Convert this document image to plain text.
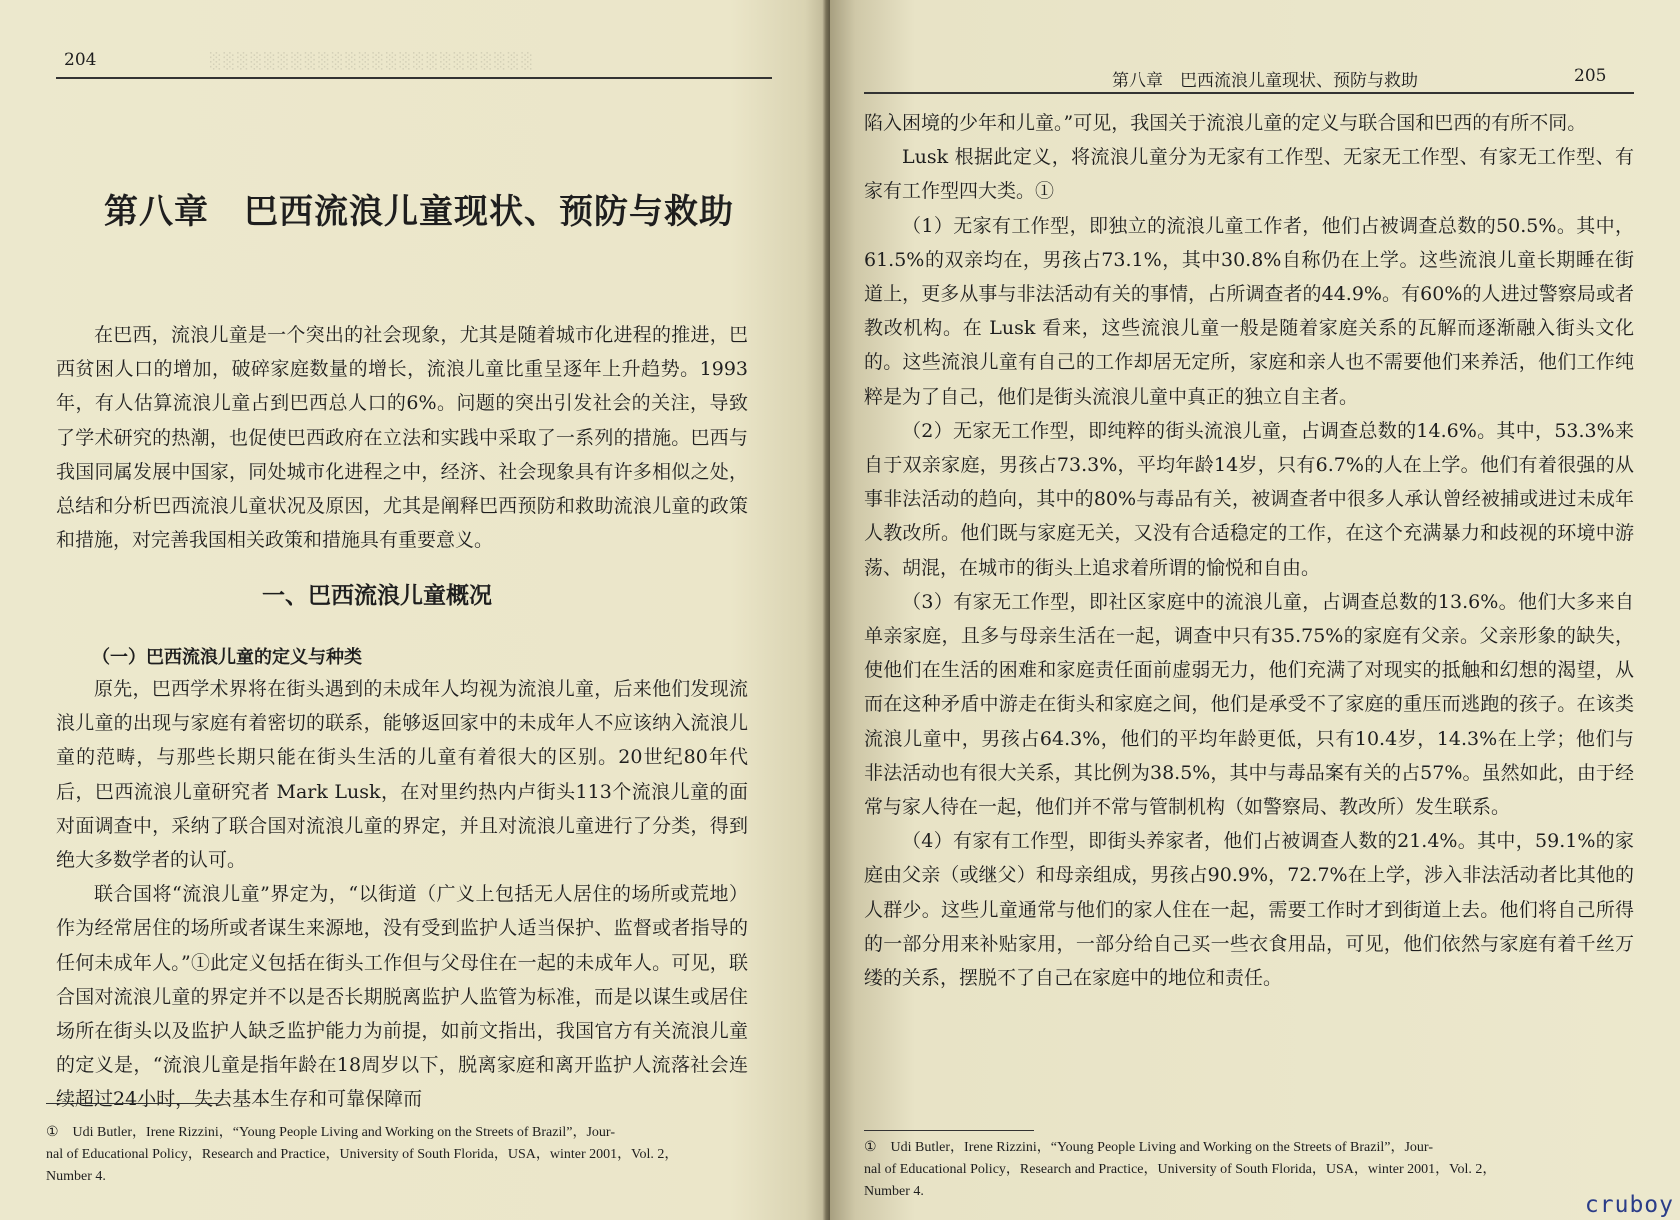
204	░░░░░░░░░░░░░░░░░░░░░░░░
第八章　巴西流浪儿童现状、预防与救助

在巴西，流浪儿童是一个突出的社会现象，尤其是随着城市化进程的推进，巴西贫困人口的增加，破碎家庭数量的增长，流浪儿童比重呈逐年上升趋势。1993年，有人估算流浪儿童占到巴西总人口的6%。问题的突出引发社会的关注，导致了学术研究的热潮，也促使巴西政府在立法和实践中采取了一系列的措施。巴西与我国同属发展中国家，同处城市化进程之中，经济、社会现象具有许多相似之处，总结和分析巴西流浪儿童状况及原因，尤其是阐释巴西预防和救助流浪儿童的政策和措施，对完善我国相关政策和措施具有重要意义。

一、巴西流浪儿童概况
（一）巴西流浪儿童的定义与种类

原先，巴西学术界将在街头遇到的未成年人均视为流浪儿童，后来他们发现流浪儿童的出现与家庭有着密切的联系，能够返回家中的未成年人不应该纳入流浪儿童的范畴，与那些长期只能在街头生活的儿童有着很大的区别。20世纪80年代后，巴西流浪儿童研究者 Mark Lusk，在对里约热内卢街头113个流浪儿童的面对面调查中，采纳了联合国对流浪儿童的界定，并且对流浪儿童进行了分类，得到绝大多数学者的认可。

联合国将“流浪儿童”界定为，“以街道（广义上包括无人居住的场所或荒地）作为经常居住的场所或者谋生来源地，没有受到监护人适当保护、监督或者指导的任何未成年人。”①此定义包括在街头工作但与父母住在一起的未成年人。可见，联合国对流浪儿童的界定并不以是否长期脱离监护人监管为标准，而是以谋生或居住场所在街头以及监护人缺乏监护能力为前提，如前文指出，我国官方有关流浪儿童的定义是，“流浪儿童是指年龄在18周岁以下，脱离家庭和离开监护人流落社会连续超过24小时，失去基本生存和可靠保障而

①　Udi Butler，Irene Rizzini，“Young People Living and Working on the Streets of Brazil”，Jour-
nal of Educational Policy，Research and Practice，University of South Florida，USA，winter 2001，Vol. 2，
Number 4.
第八章　巴西流浪儿童现状、预防与救助	205

陷入困境的少年和儿童。”可见，我国关于流浪儿童的定义与联合国和巴西的有所不同。

Lusk 根据此定义，将流浪儿童分为无家有工作型、无家无工作型、有家无工作型、有家有工作型四大类。①

（1）无家有工作型，即独立的流浪儿童工作者，他们占被调查总数的50.5%。其中，61.5%的双亲均在，男孩占73.1%，其中30.8%自称仍在上学。这些流浪儿童长期睡在街道上，更多从事与非法活动有关的事情，占所调查者的44.9%。有60%的人进过警察局或者教改机构。在 Lusk 看来，这些流浪儿童一般是随着家庭关系的瓦解而逐渐融入街头文化的。这些流浪儿童有自己的工作却居无定所，家庭和亲人也不需要他们来养活，他们工作纯粹是为了自己，他们是街头流浪儿童中真正的独立自主者。

（2）无家无工作型，即纯粹的街头流浪儿童，占调查总数的14.6%。其中，53.3%来自于双亲家庭，男孩占73.3%，平均年龄14岁，只有6.7%的人在上学。他们有着很强的从事非法活动的趋向，其中的80%与毒品有关，被调查者中很多人承认曾经被捕或进过未成年人教改所。他们既与家庭无关，又没有合适稳定的工作，在这个充满暴力和歧视的环境中游荡、胡混，在城市的街头上追求着所谓的愉悦和自由。

（3）有家无工作型，即社区家庭中的流浪儿童，占调查总数的13.6%。他们大多来自单亲家庭，且多与母亲生活在一起，调查中只有35.75%的家庭有父亲。父亲形象的缺失，使他们在生活的困难和家庭责任面前虚弱无力，他们充满了对现实的抵触和幻想的渴望，从而在这种矛盾中游走在街头和家庭之间，他们是承受不了家庭的重压而逃跑的孩子。在该类流浪儿童中，男孩占64.3%，他们的平均年龄更低，只有10.4岁，14.3%在上学；他们与非法活动也有很大关系，其比例为38.5%，其中与毒品案有关的占57%。虽然如此，由于经常与家人待在一起，他们并不常与管制机构（如警察局、教改所）发生联系。

（4）有家有工作型，即街头养家者，他们占被调查人数的21.4%。其中，59.1%的家庭由父亲（或继父）和母亲组成，男孩占90.9%，72.7%在上学，涉入非法活动者比其他的人群少。这些儿童通常与他们的家人住在一起，需要工作时才到街道上去。他们将自己所得的一部分用来补贴家用，一部分给自己买一些衣食用品，可见，他们依然与家庭有着千丝万缕的关系，摆脱不了自己在家庭中的地位和责任。

①　Udi Butler，Irene Rizzini，“Young People Living and Working on the Streets of Brazil”，Jour-
nal of Educational Policy，Research and Practice，University of South Florida，USA，winter 2001，Vol. 2，
Number 4.
cruboy
